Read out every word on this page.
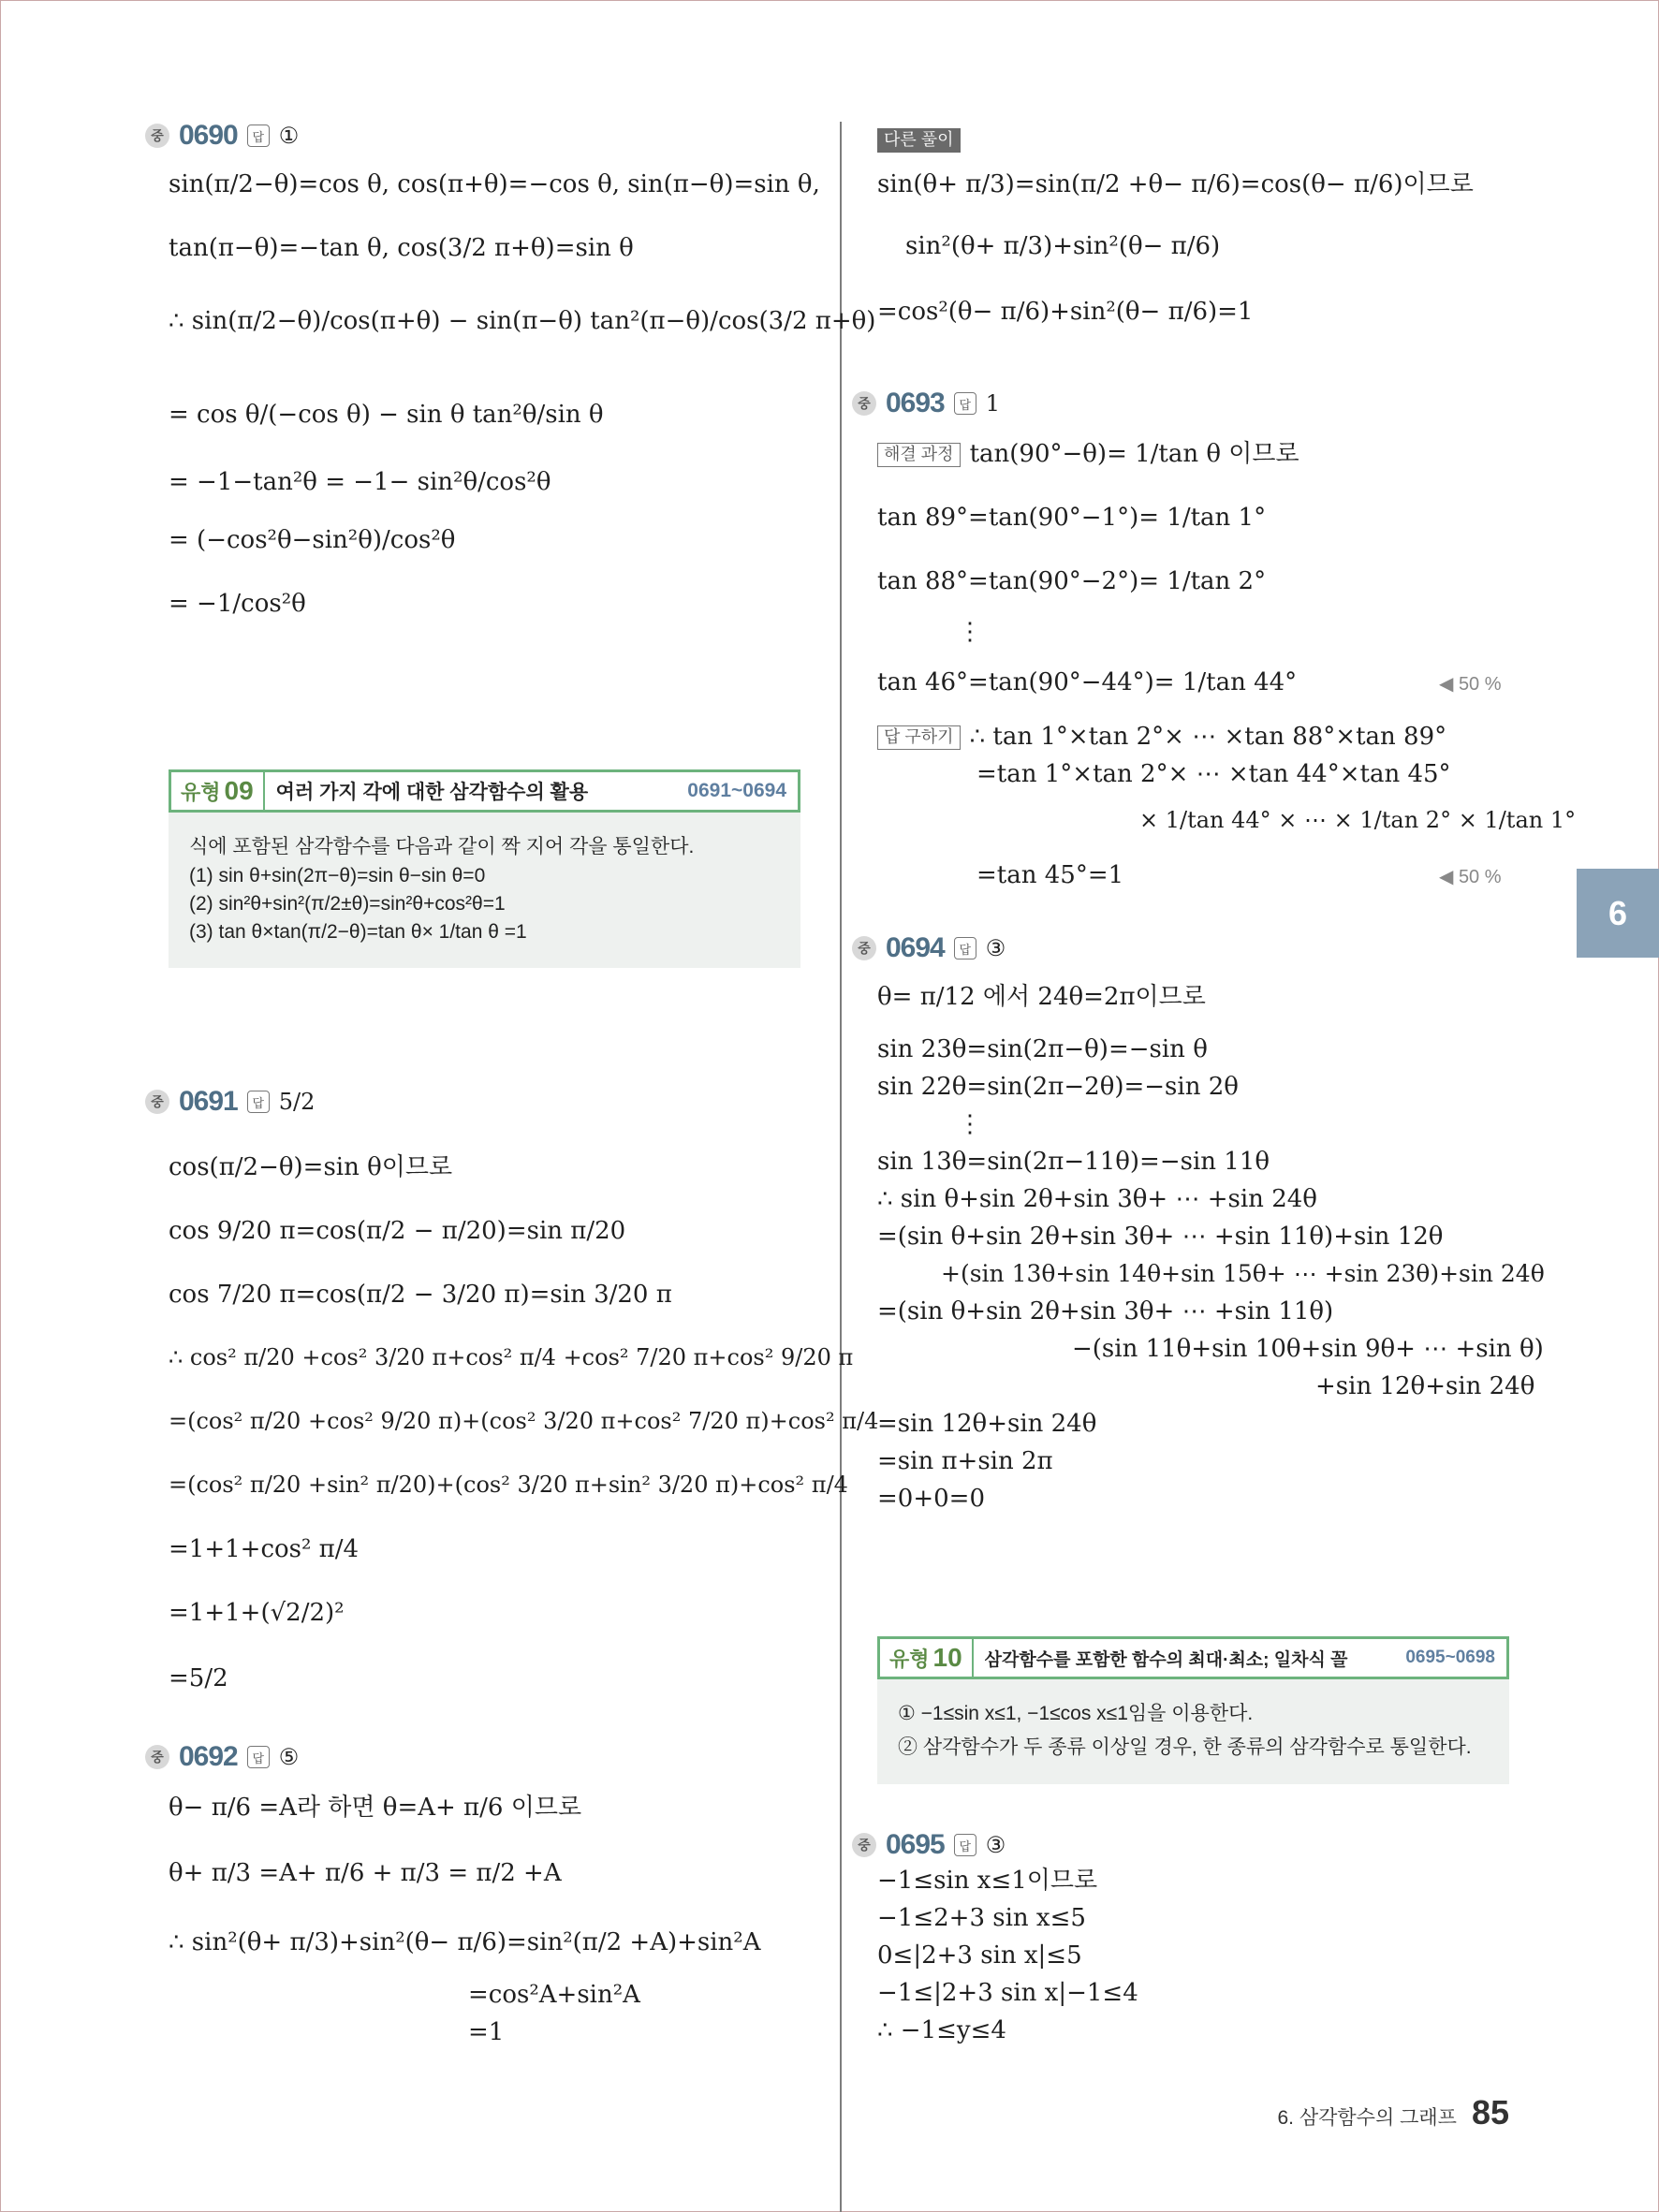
중 0690	답 ①
sin(π/2−θ)=cos θ, cos(π+θ)=−cos θ, sin(π−θ)=sin θ,
tan(π−θ)=−tan θ, cos(3/2 π+θ)=sin θ
∴ sin(π/2−θ)/cos(π+θ) − sin(π−θ) tan²(π−θ)/cos(3/2 π+θ)
= cos θ/(−cos θ) − sin θ tan²θ/sin θ
= −1−tan²θ = −1− sin²θ/cos²θ
= (−cos²θ−sin²θ)/cos²θ
= −1/cos²θ
유형 09	여러 가지 각에 대한 삼각함수의 활용	0691~0694
식에 포함된 삼각함수를 다음과 같이 짝 지어 각을 통일한다.
(1) sin θ+sin(2π−θ)=sin θ−sin θ=0
(2) sin²θ+sin²(π/2±θ)=sin²θ+cos²θ=1
(3) tan θ×tan(π/2−θ)=tan θ× 1/tan θ =1
중 0691	답 5/2
cos(π/2−θ)=sin θ이므로
cos 9/20 π=cos(π/2 − π/20)=sin π/20
cos 7/20 π=cos(π/2 − 3/20 π)=sin 3/20 π
∴ cos² π/20 +cos² 3/20 π+cos² π/4 +cos² 7/20 π+cos² 9/20 π
=(cos² π/20 +cos² 9/20 π)+(cos² 3/20 π+cos² 7/20 π)+cos² π/4
=(cos² π/20 +sin² π/20)+(cos² 3/20 π+sin² 3/20 π)+cos² π/4
=1+1+cos² π/4
=1+1+(√2/2)²
=5/2
중 0692	답 ⑤
θ− π/6 =A라 하면 θ=A+ π/6 이므로
θ+ π/3 =A+ π/6 + π/3 = π/2 +A
∴ sin²(θ+ π/3)+sin²(θ− π/6)=sin²(π/2 +A)+sin²A
=cos²A+sin²A
=1
다른 풀이
sin(θ+ π/3)=sin(π/2 +θ− π/6)=cos(θ− π/6)이므로
sin²(θ+ π/3)+sin²(θ− π/6)
=cos²(θ− π/6)+sin²(θ− π/6)=1
중 0693	답 1
해결 과정 tan(90°−θ)= 1/tan θ 이므로
tan 89°=tan(90°−1°)= 1/tan 1°
tan 88°=tan(90°−2°)= 1/tan 2°
⋮
tan 46°=tan(90°−44°)= 1/tan 44°	◀ 50 %
답 구하기 ∴ tan 1°×tan 2°× ⋯ ×tan 88°×tan 89°
=tan 1°×tan 2°× ⋯ ×tan 44°×tan 45°
× 1/tan 44° × ⋯ × 1/tan 2° × 1/tan 1°
=tan 45°=1	◀ 50 %
중 0694	답 ③
θ= π/12 에서 24θ=2π이므로
sin 23θ=sin(2π−θ)=−sin θ
sin 22θ=sin(2π−2θ)=−sin 2θ
⋮
sin 13θ=sin(2π−11θ)=−sin 11θ
∴ sin θ+sin 2θ+sin 3θ+ ⋯ +sin 24θ
=(sin θ+sin 2θ+sin 3θ+ ⋯ +sin 11θ)+sin 12θ
+(sin 13θ+sin 14θ+sin 15θ+ ⋯ +sin 23θ)+sin 24θ
=(sin θ+sin 2θ+sin 3θ+ ⋯ +sin 11θ)
−(sin 11θ+sin 10θ+sin 9θ+ ⋯ +sin θ)
+sin 12θ+sin 24θ
=sin 12θ+sin 24θ
=sin π+sin 2π
=0+0=0
유형 10	삼각함수를 포함한 함수의 최대·최소; 일차식 꼴	0695~0698
① −1≤sin x≤1, −1≤cos x≤1임을 이용한다.
② 삼각함수가 두 종류 이상일 경우, 한 종류의 삼각함수로 통일한다.
중 0695	답 ③
−1≤sin x≤1이므로
−1≤2+3 sin x≤5
0≤|2+3 sin x|≤5
−1≤|2+3 sin x|−1≤4
∴ −1≤y≤4
6
6. 삼각함수의 그래프 85
